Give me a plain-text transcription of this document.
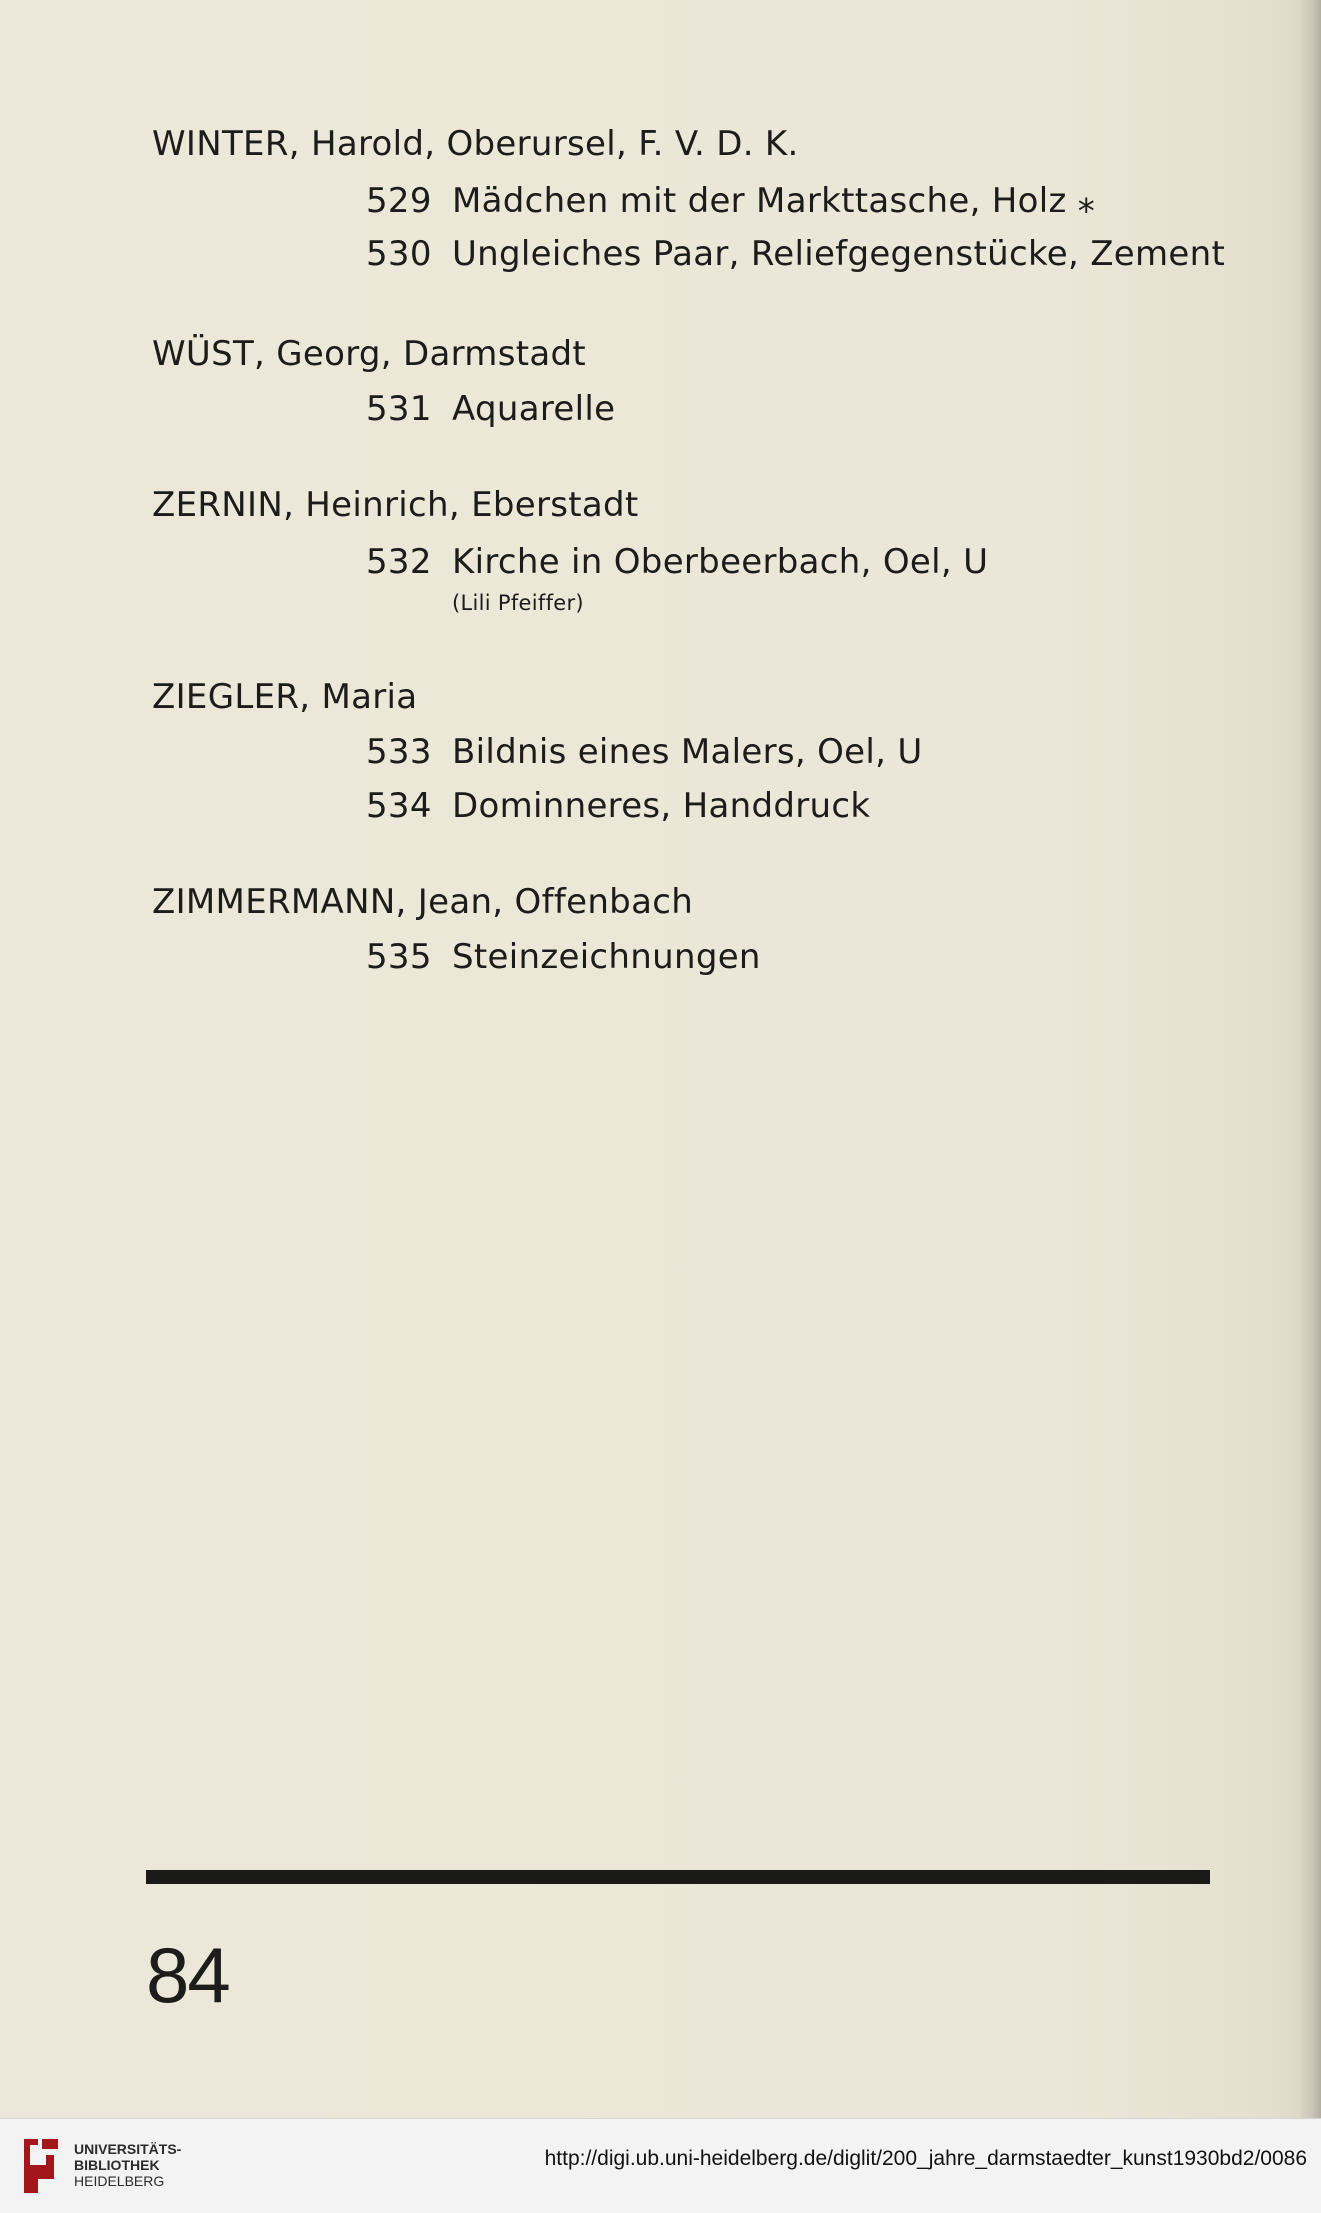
WINTER, Harold, Oberursel, F. V. D. K.
529 Mädchen mit der Markttasche, Holz ⁎
530 Ungleiches Paar, Reliefgegenstücke, Zement
WÜST, Georg, Darmstadt
531 Aquarelle
ZERNIN, Heinrich, Eberstadt
532 Kirche in Oberbeerbach, Oel, U
(Lili Pfeiffer)
ZIEGLER, Maria
533 Bildnis eines Malers, Oel, U
534 Dominneres, Handdruck
ZIMMERMANN, Jean, Offenbach
535 Steinzeichnungen
84
UNIVERSITÄTS-
BIBLIOTHEK
HEIDELBERG
http://digi.ub.uni-heidelberg.de/diglit/200_jahre_darmstaedter_kunst1930bd2/0086
